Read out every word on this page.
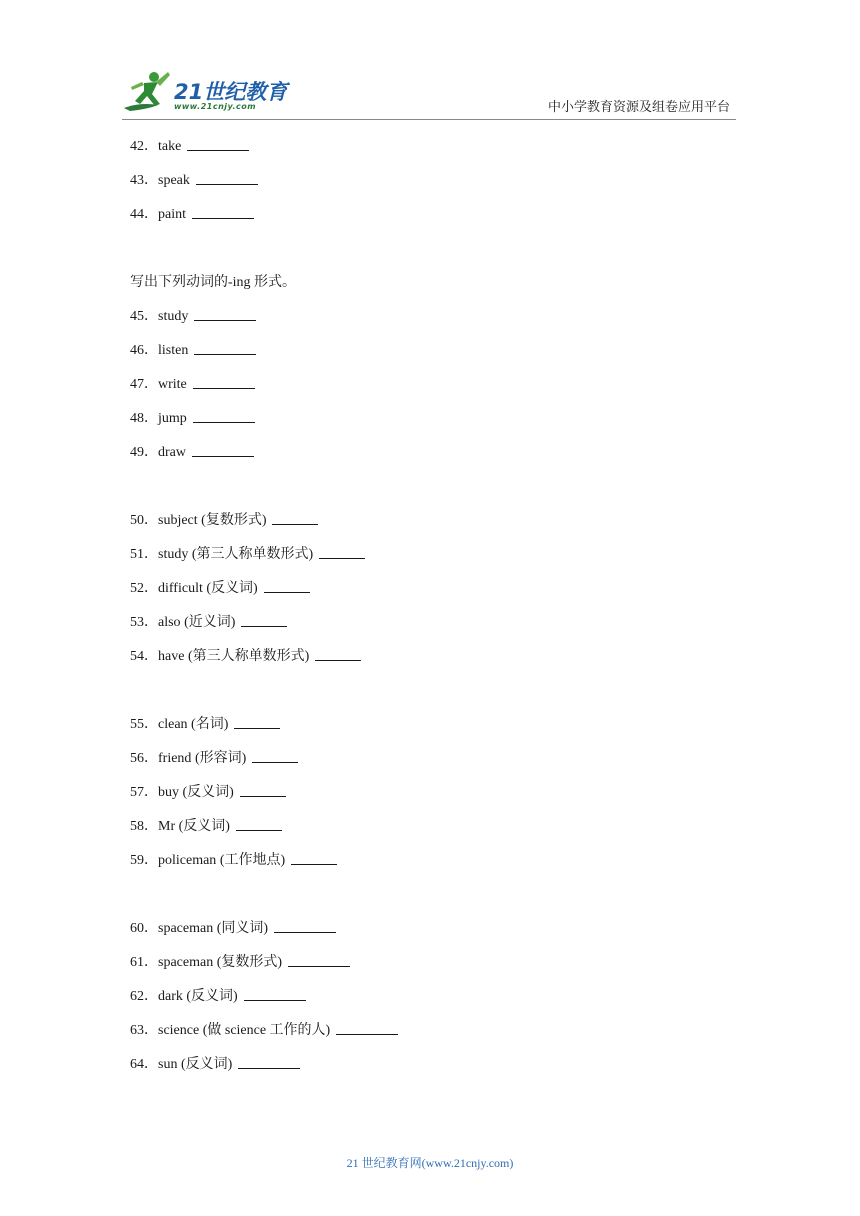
21世纪教育
www.21cnjy.com	中小学教育资源及组卷应用平台
42．take
43．speak
44．paint
写出下列动词的-ing 形式。
45．study
46．listen
47．write
48．jump
49．draw
50．subject (复数形式)
51．study (第三人称单数形式)
52．difficult (反义词)
53．also (近义词)
54．have (第三人称单数形式)
55．clean (名词)
56．friend (形容词)
57．buy (反义词)
58．Mr (反义词)
59．policeman (工作地点)
60．spaceman (同义词)
61．spaceman (复数形式)
62．dark (反义词)
63．science (做 science 工作的人)
64．sun (反义词)
21 世纪教育网(www.21cnjy.com)
